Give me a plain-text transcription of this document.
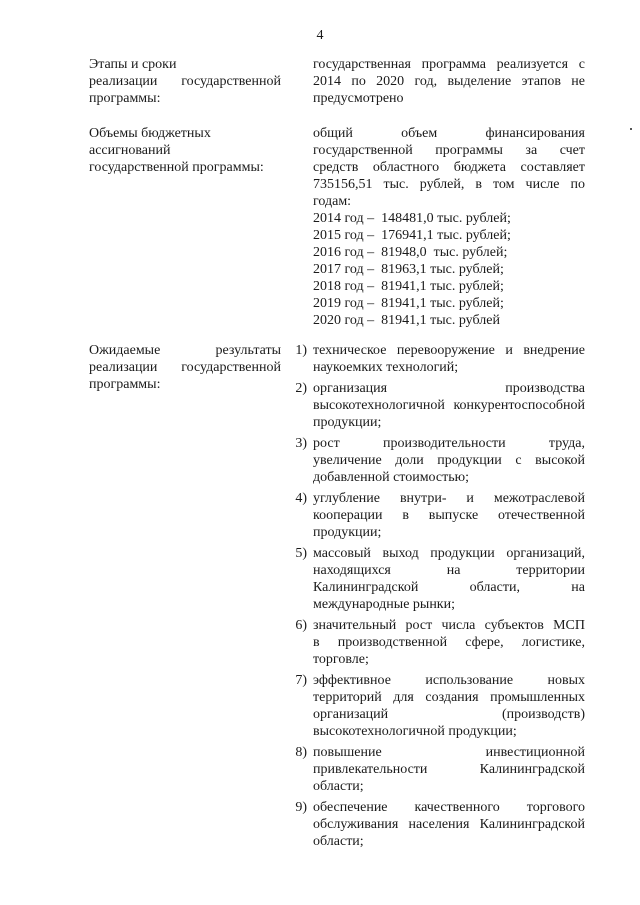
4
Этапы и сроки
реализации государственной
программы:
государственная программа реализуется с
2014 по 2020 год, выделение этапов не
предусмотрено
Объемы бюджетных
ассигнований
государственной программы:
общий объем финансирования
государственной программы за счет
средств областного бюджета составляет
735156,51 тыс. рублей, в том числе по
годам:
2014 год –  148481,0 тыс. рублей;
2015 год –  176941,1 тыс. рублей;
2016 год –  81948,0  тыс. рублей;
2017 год –  81963,1 тыс. рублей;
2018 год –  81941,1 тыс. рублей;
2019 год –  81941,1 тыс. рублей;
2020 год –  81941,1 тыс. рублей
Ожидаемые результаты
реализации государственной
программы:
1) техническое перевооружение и внедрение
наукоемких технологий;
2) организация производства
высокотехнологичной конкурентоспособной
продукции;
3) рост производительности труда,
увеличение доли продукции с высокой
добавленной стоимостью;
4) углубление внутри- и межотраслевой
кооперации в выпуске отечественной
продукции;
5) массовый выход продукции организаций,
находящихся на территории
Калининградской области, на
международные рынки;
6) значительный рост числа субъектов МСП
в производственной сфере, логистике,
торговле;
7) эффективное использование новых
территорий для создания промышленных
организаций (производств)
высокотехнологичной продукции;
8) повышение инвестиционной
привлекательности Калининградской
области;
9) обеспечение качественного торгового
обслуживания населения Калининградской
области;
